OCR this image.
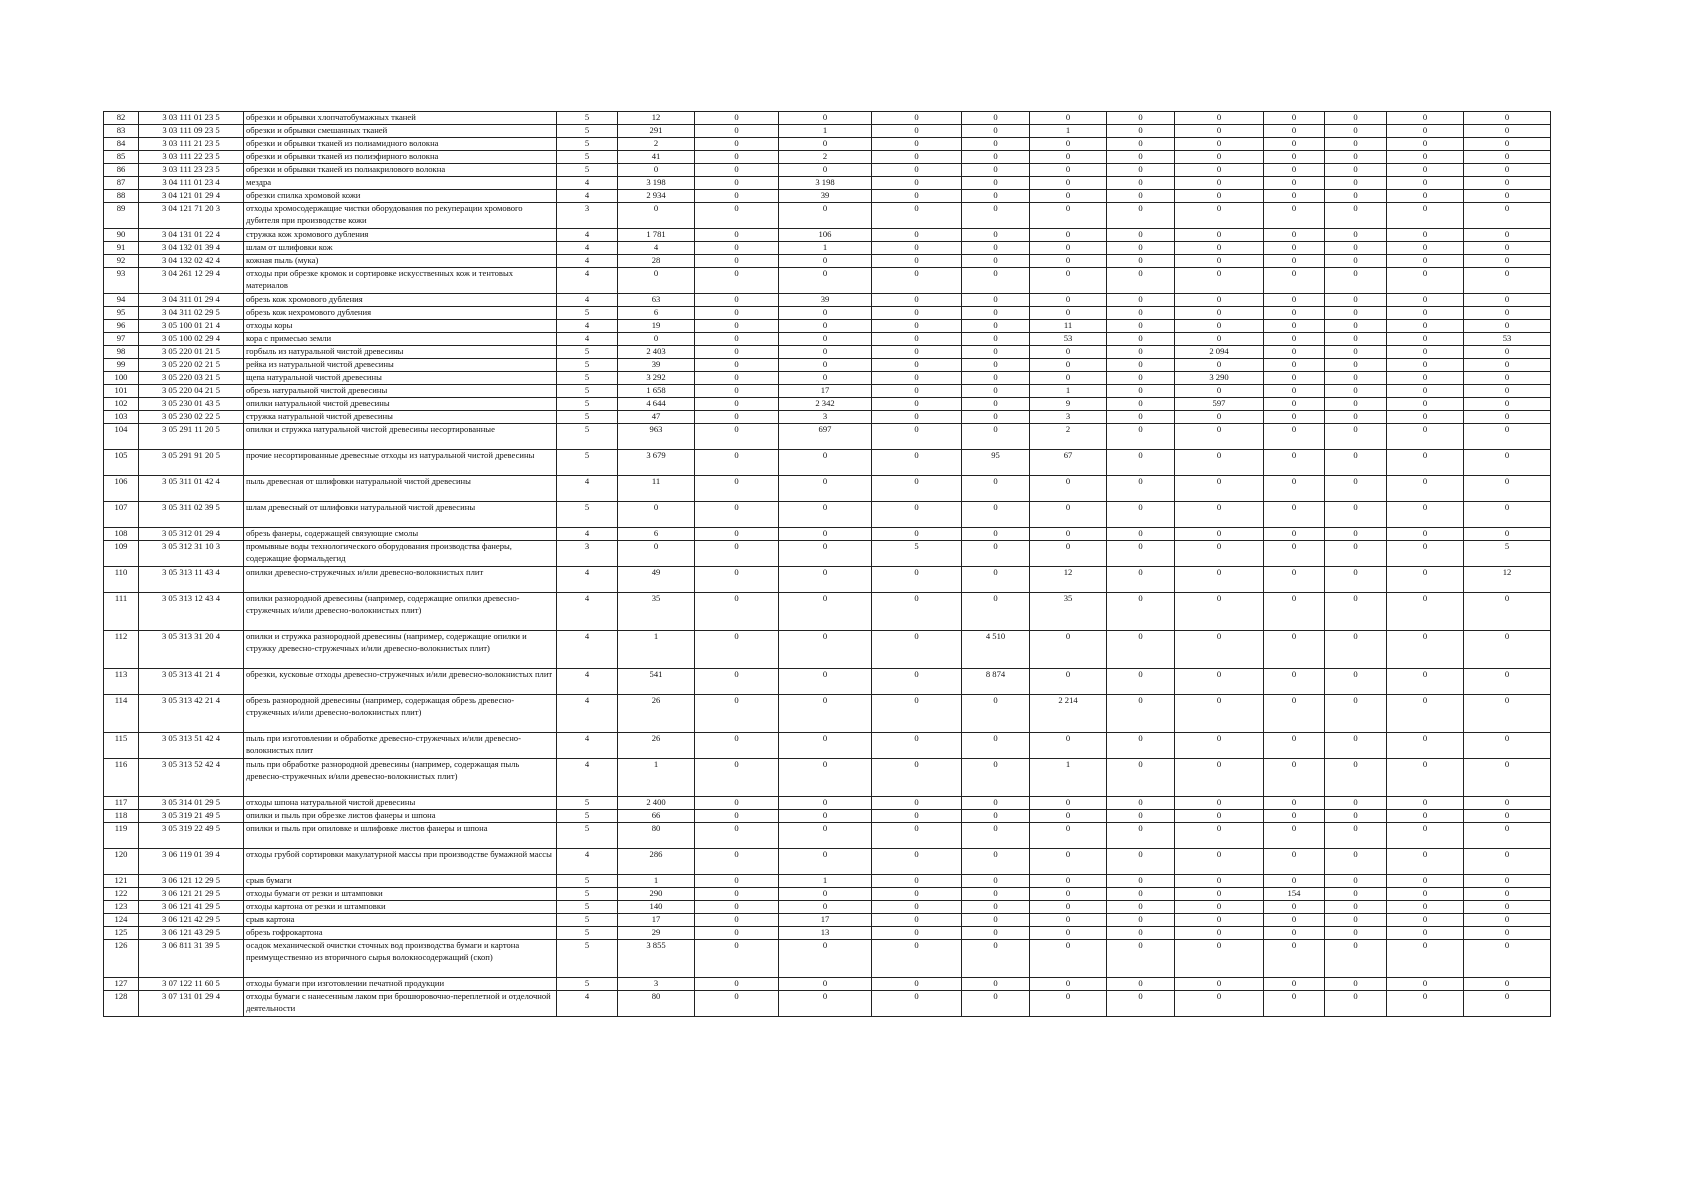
82	3 03 111 01 23 5	обрезки и обрывки хлопчатобумажных тканей	5	12	0	0	0	0	0	0	0	0	0	0	0
83	3 03 111 09 23 5	обрезки и обрывки смешанных тканей	5	291	0	1	0	0	1	0	0	0	0	0	0
84	3 03 111 21 23 5	обрезки и обрывки тканей из полиамидного волокна	5	2	0	0	0	0	0	0	0	0	0	0	0
85	3 03 111 22 23 5	обрезки и обрывки тканей из полиэфирного волокна	5	41	0	2	0	0	0	0	0	0	0	0	0
86	3 03 111 23 23 5	обрезки и обрывки тканей из полиакрилового волокна	5	0	0	0	0	0	0	0	0	0	0	0	0
87	3 04 111 01 23 4	мездра	4	3 198	0	3 198	0	0	0	0	0	0	0	0	0
88	3 04 121 01 29 4	обрезки спилка хромовой кожи	4	2 934	0	39	0	0	0	0	0	0	0	0	0
89	3 04 121 71 20 3	отходы хромосодержащие чистки оборудования по рекуперации хромового дубителя при производстве кожи	3	0	0	0	0	0	0	0	0	0	0	0	0
90	3 04 131 01 22 4	стружка кож хромового дубления	4	1 781	0	106	0	0	0	0	0	0	0	0	0
91	3 04 132 01 39 4	шлам от шлифовки кож	4	4	0	1	0	0	0	0	0	0	0	0	0
92	3 04 132 02 42 4	кожная пыль (мука)	4	28	0	0	0	0	0	0	0	0	0	0	0
93	3 04 261 12 29 4	отходы при обрезке кромок и сортировке искусственных кож и тентовых материалов	4	0	0	0	0	0	0	0	0	0	0	0	0
94	3 04 311 01 29 4	обрезь кож хромового дубления	4	63	0	39	0	0	0	0	0	0	0	0	0
95	3 04 311 02 29 5	обрезь кож нехромового дубления	5	6	0	0	0	0	0	0	0	0	0	0	0
96	3 05 100 01 21 4	отходы коры	4	19	0	0	0	0	11	0	0	0	0	0	0
97	3 05 100 02 29 4	кора с примесью земли	4	0	0	0	0	0	53	0	0	0	0	0	53
98	3 05 220 01 21 5	горбыль из натуральной чистой древесины	5	2 403	0	0	0	0	0	0	2 094	0	0	0	0
99	3 05 220 02 21 5	рейка из натуральной чистой древесины	5	39	0	0	0	0	0	0	0	0	0	0	0
100	3 05 220 03 21 5	щепа натуральной чистой древесины	5	3 292	0	0	0	0	0	0	3 290	0	0	0	0
101	3 05 220 04 21 5	обрезь натуральной чистой древесины	5	1 658	0	17	0	0	1	0	0	0	0	0	0
102	3 05 230 01 43 5	опилки натуральной чистой древесины	5	4 644	0	2 342	0	0	9	0	597	0	0	0	0
103	3 05 230 02 22 5	стружка натуральной чистой древесины	5	47	0	3	0	0	3	0	0	0	0	0	0
104	3 05 291 11 20 5	опилки и стружка натуральной чистой древесины несортированные	5	963	0	697	0	0	2	0	0	0	0	0	0
105	3 05 291 91 20 5	прочие несортированные древесные отходы из натуральной чистой древесины	5	3 679	0	0	0	95	67	0	0	0	0	0	0
106	3 05 311 01 42 4	пыль древесная от шлифовки натуральной чистой древесины	4	11	0	0	0	0	0	0	0	0	0	0	0
107	3 05 311 02 39 5	шлам древесный от шлифовки натуральной чистой древесины	5	0	0	0	0	0	0	0	0	0	0	0	0
108	3 05 312 01 29 4	обрезь фанеры, содержащей связующие смолы	4	6	0	0	0	0	0	0	0	0	0	0	0
109	3 05 312 31 10 3	промывные воды технологического оборудования производства фанеры, содержащие формальдегид	3	0	0	0	5	0	0	0	0	0	0	0	5
110	3 05 313 11 43 4	опилки древесно-стружечных и/или древесно-волокнистых плит	4	49	0	0	0	0	12	0	0	0	0	0	12
111	3 05 313 12 43 4	опилки разнородной древесины (например, содержащие опилки древесно-стружечных и/или древесно-волокнистых плит)	4	35	0	0	0	0	35	0	0	0	0	0	0
112	3 05 313 31 20 4	опилки и стружка разнородной древесины (например, содержащие опилки и стружку древесно-стружечных и/или древесно-волокнистых плит)	4	1	0	0	0	4 510	0	0	0	0	0	0	0
113	3 05 313 41 21 4	обрезки, кусковые отходы древесно-стружечных и/или древесно-волокнистых плит	4	541	0	0	0	8 874	0	0	0	0	0	0	0
114	3 05 313 42 21 4	обрезь разнородной древесины (например, содержащая обрезь древесно-стружечных и/или древесно-волокнистых плит)	4	26	0	0	0	0	2 214	0	0	0	0	0	0
115	3 05 313 51 42 4	пыль при изготовлении и обработке древесно-стружечных и/или древесно-волокнистых плит	4	26	0	0	0	0	0	0	0	0	0	0	0
116	3 05 313 52 42 4	пыль при обработке разнородной древесины (например, содержащая пыль древесно-стружечных и/или древесно-волокнистых плит)	4	1	0	0	0	0	1	0	0	0	0	0	0
117	3 05 314 01 29 5	отходы шпона натуральной чистой древесины	5	2 400	0	0	0	0	0	0	0	0	0	0	0
118	3 05 319 21 49 5	опилки и пыль при обрезке листов фанеры и шпона	5	66	0	0	0	0	0	0	0	0	0	0	0
119	3 05 319 22 49 5	опилки и пыль при опиловке и шлифовке листов фанеры и шпона	5	80	0	0	0	0	0	0	0	0	0	0	0
120	3 06 119 01 39 4	отходы грубой сортировки макулатурной массы при производстве бумажной массы	4	286	0	0	0	0	0	0	0	0	0	0	0
121	3 06 121 12 29 5	срыв бумаги	5	1	0	1	0	0	0	0	0	0	0	0	0
122	3 06 121 21 29 5	отходы бумаги от резки и штамповки	5	290	0	0	0	0	0	0	0	154	0	0	0
123	3 06 121 41 29 5	отходы картона от резки и штамповки	5	140	0	0	0	0	0	0	0	0	0	0	0
124	3 06 121 42 29 5	срыв картона	5	17	0	17	0	0	0	0	0	0	0	0	0
125	3 06 121 43 29 5	обрезь гофрокартона	5	29	0	13	0	0	0	0	0	0	0	0	0
126	3 06 811 31 39 5	осадок механической очистки сточных вод производства бумаги и картона преимущественно из вторичного сырья волокносодержащий (скоп)	5	3 855	0	0	0	0	0	0	0	0	0	0	0
127	3 07 122 11 60 5	отходы бумаги при изготовлении печатной продукции	5	3	0	0	0	0	0	0	0	0	0	0	0
128	3 07 131 01 29 4	отходы бумаги с нанесенным лаком при брошюровочно-переплетной и отделочной деятельности	4	80	0	0	0	0	0	0	0	0	0	0	0
